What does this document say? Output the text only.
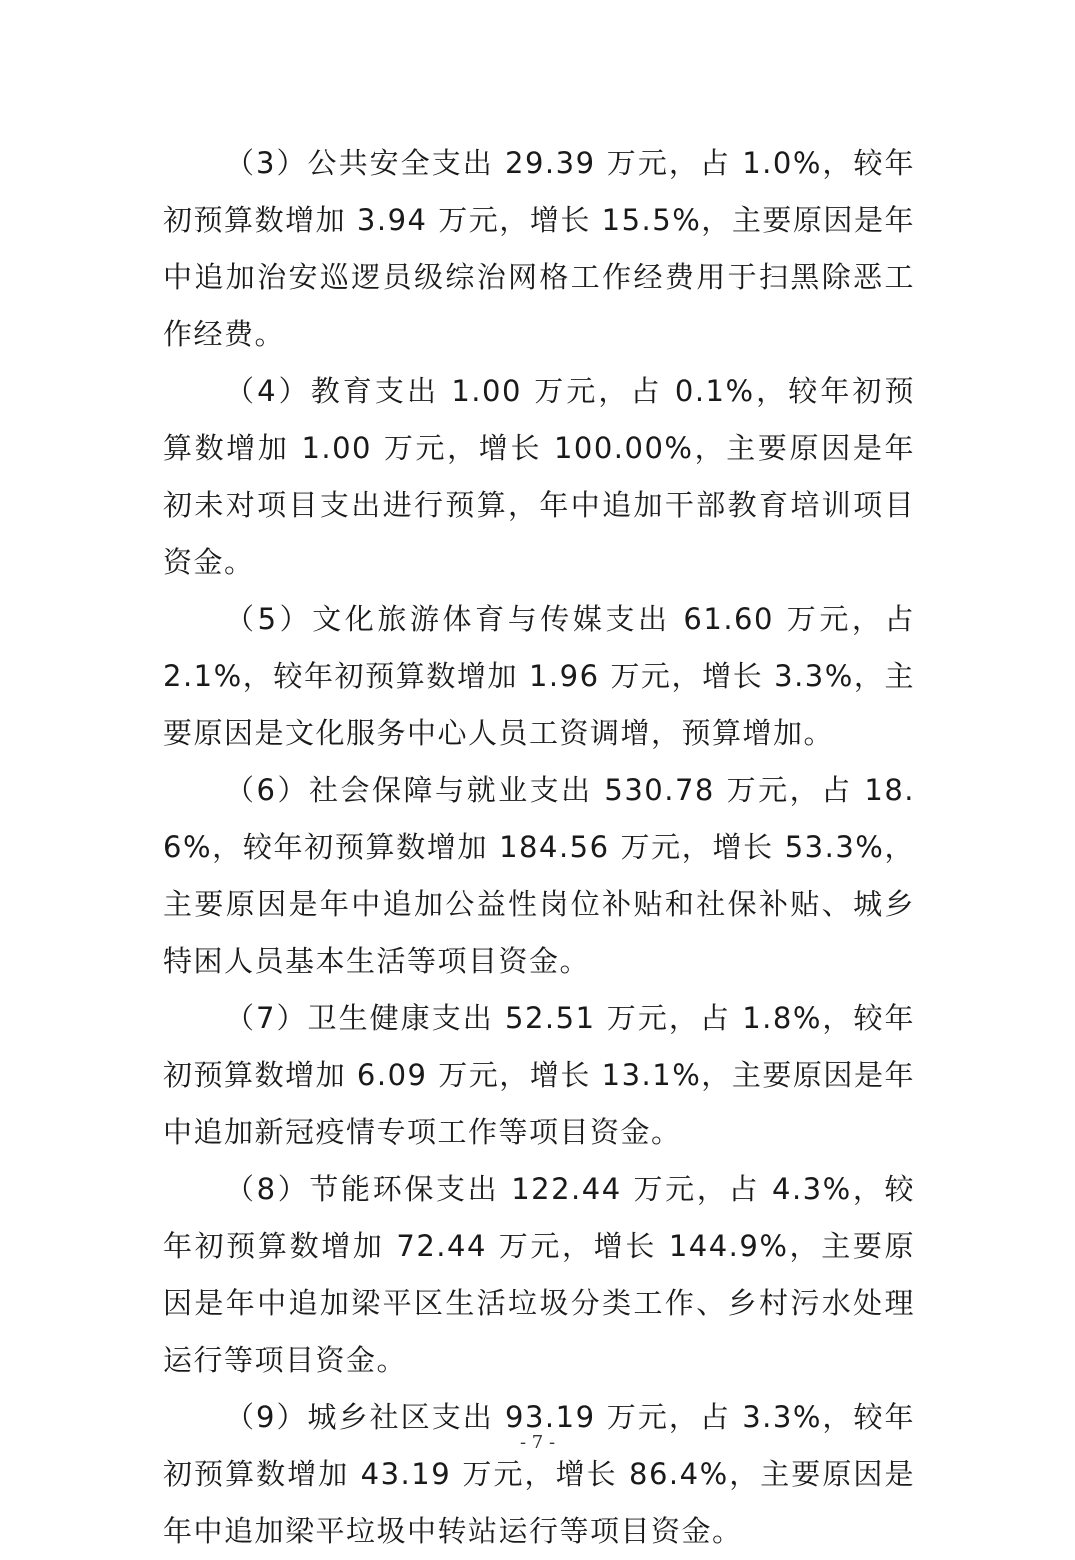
（3）公共安全支出 29.39 万元，占 1.0%，较年初预算数增加 3.94 万元，增长 15.5%，主要原因是年中追加治安巡逻员级综治网格工作经费用于扫黑除恶工作经费。

（4）教育支出 1.00 万元，占 0.1%，较年初预算数增加 1.00 万元，增长 100.00%，主要原因是年初未对项目支出进行预算，年中追加干部教育培训项目资金。

（5）文化旅游体育与传媒支出 61.60 万元，占 2.1%，较年初预算数增加 1.96 万元，增长 3.3%，主要原因是文化服务中心人员工资调增，预算增加。

（6）社会保障与就业支出 530.78 万元，占 18.6%，较年初预算数增加 184.56 万元，增长 53.3%，主要原因是年中追加公益性岗位补贴和社保补贴、城乡特困人员基本生活等项目资金。

（7）卫生健康支出 52.51 万元，占 1.8%，较年初预算数增加 6.09 万元，增长 13.1%，主要原因是年中追加新冠疫情专项工作等项目资金。

（8）节能环保支出 122.44 万元，占 4.3%，较年初预算数增加 72.44 万元，增长 144.9%，主要原因是年中追加梁平区生活垃圾分类工作、乡村污水处理运行等项目资金。

（9）城乡社区支出 93.19 万元，占 3.3%，较年初预算数增加 43.19 万元，增长 86.4%，主要原因是年中追加梁平垃圾中转站运行等项目资金。

- 7 -
